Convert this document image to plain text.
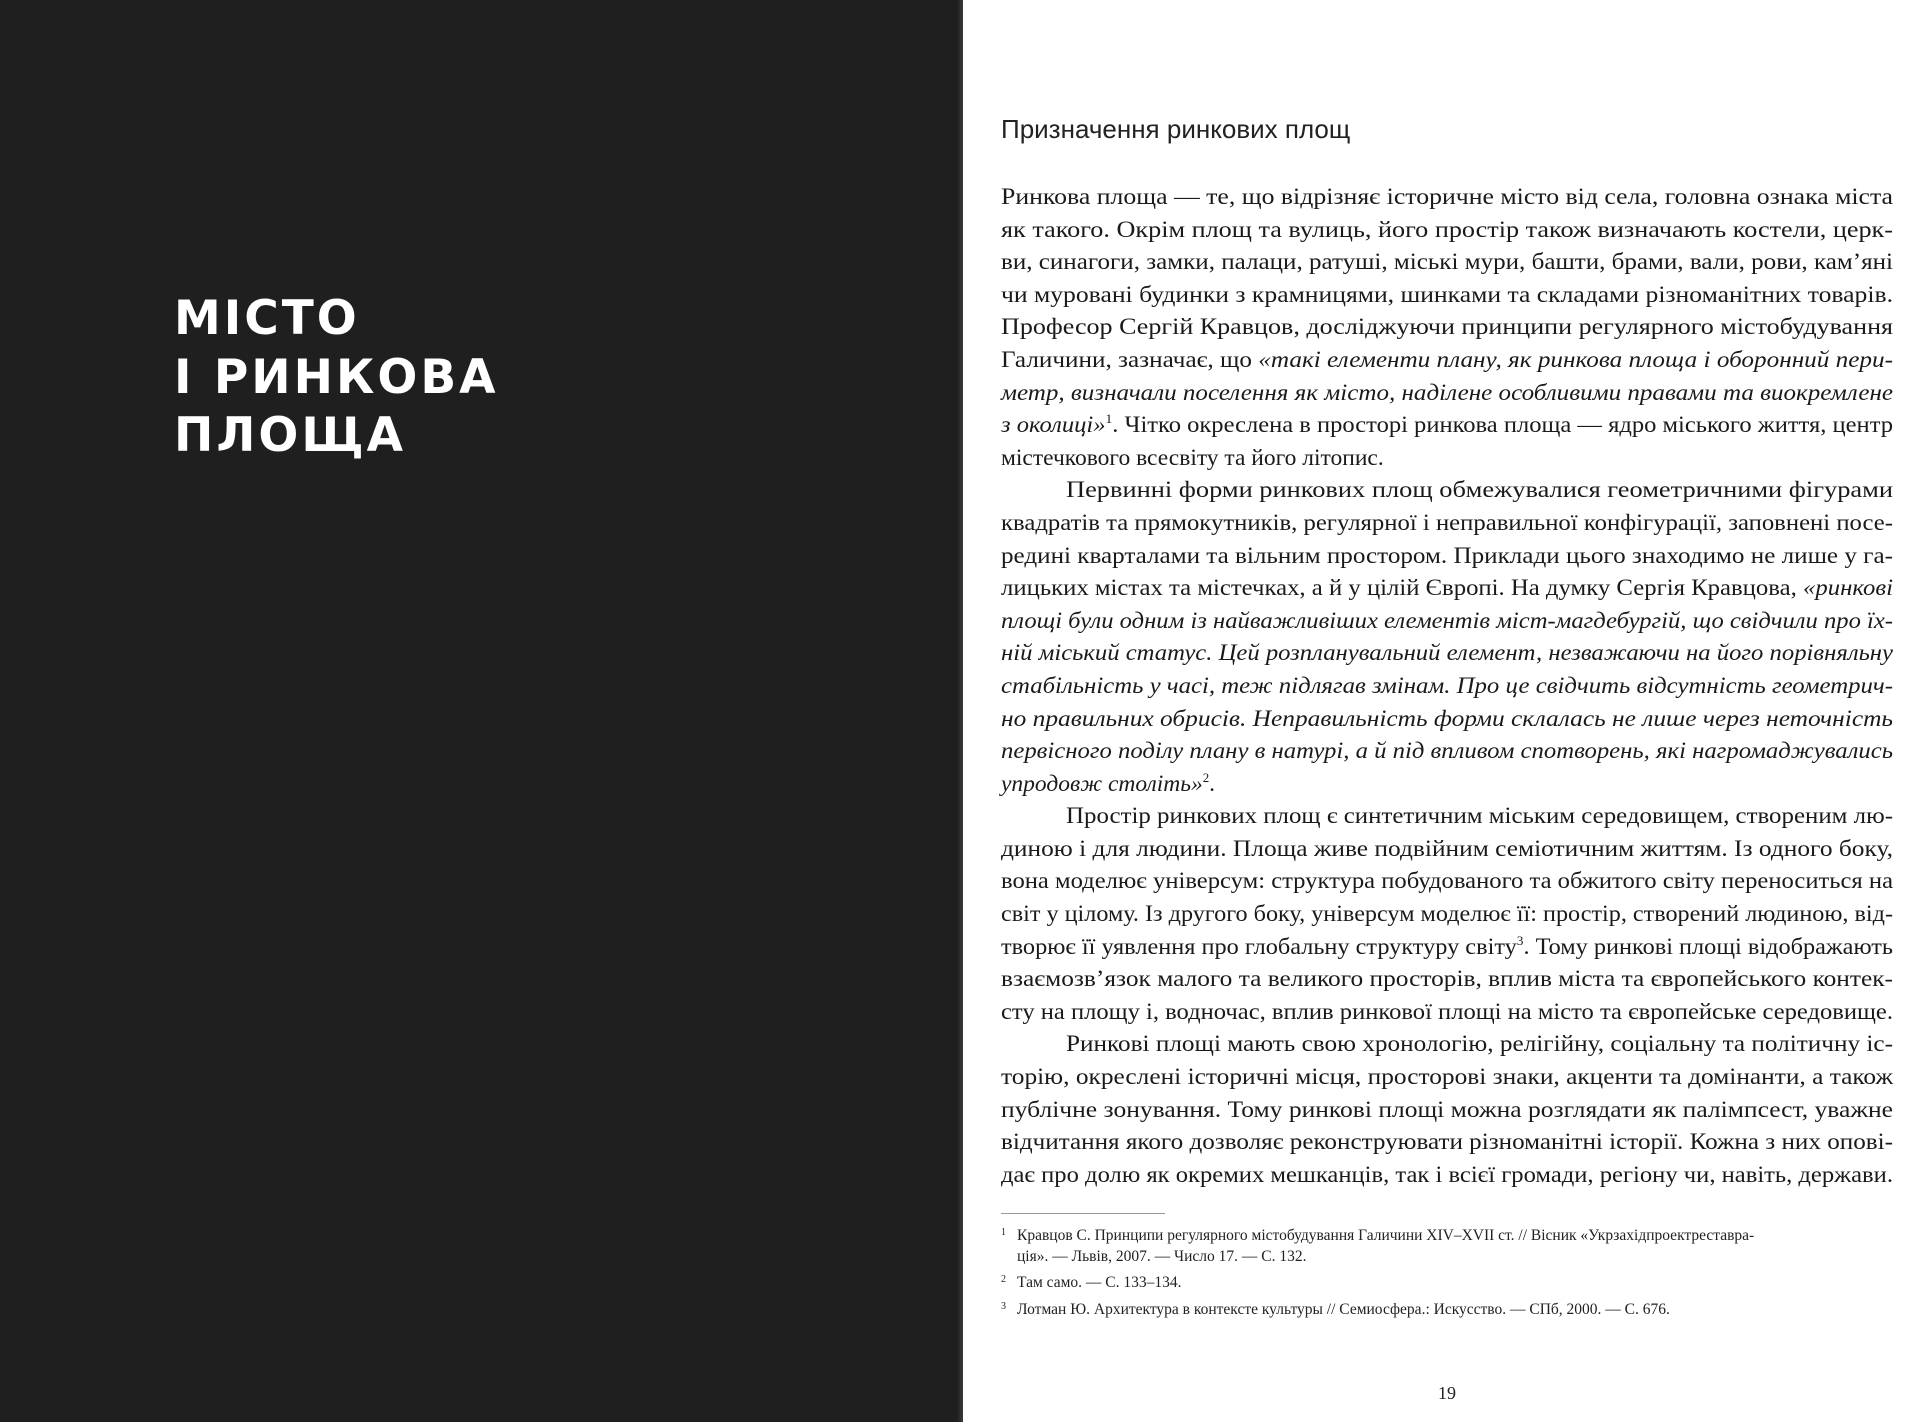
МІСТО
І РИНКОВА
ПЛОЩА
Призначення ринкових площ
Ринкова площа — те, що відрізняє історичне місто від села, головна ознака міста
як такого. Окрім площ та вулиць, його простір також визначають костели, церк-
ви, синагоги, замки, палаци, ратуші, міські мури, башти, брами, вали, рови, кам’яні
чи муровані будинки з крамницями, шинками та складами різноманітних товарів.
Професор Сергій Кравцов, досліджуючи принципи регулярного містобудування
Галичини, зазначає, що «такі елементи плану, як ринкова площа і оборонний пери-
метр, визначали поселення як місто, наділене особливими правами та виокремлене
з околиці»$^1$. Чітко окреслена в просторі ринкова площа — ядро міського життя, центр
містечкового всесвіту та його літопис.
Первинні форми ринкових площ обмежувалися геометричними фігурами
квадратів та прямокутників, регулярної і неправильної конфігурації, заповнені посе-
редині кварталами та вільним простором. Приклади цього знаходимо не лише у га-
лицьких містах та містечках, а й у цілій Європі. На думку Сергія Кравцова, «ринкові
площі були одним із найважливіших елементів міст-магдебургій, що свідчили про їх-
ній міський статус. Цей розпланувальний елемент, незважаючи на його порівняльну
стабільність у часі, теж підлягав змінам. Про це свідчить відсутність геометрич-
но правильних обрисів. Неправильність форми склалась не лише через неточність
первісного поділу плану в натурі, а й під впливом спотворень, які нагромаджувались
упродовж століть»$^2$.
Простір ринкових площ є синтетичним міським середовищем, створеним лю-
диною і для людини. Площа живе подвійним семіотичним життям. Із одного боку,
вона моделює універсум: структура побудованого та обжитого світу переноситься на
світ у цілому. Із другого боку, універсум моделює її: простір, створений людиною, від-
творює її уявлення про глобальну структуру світу$^3$. Тому ринкові площі відображають
взаємозв’язок малого та великого просторів, вплив міста та європейського контек-
сту на площу і, водночас, вплив ринкової площі на місто та європейське середовище.
Ринкові площі мають свою хронологію, релігійну, соціальну та політичну іс-
торію, окреслені історичні місця, просторові знаки, акценти та домінанти, а також
публічне зонування. Тому ринкові площі можна розглядати як палімпсест, уважне
відчитання якого дозволяє реконструювати різноманітні історії. Кожна з них опові-
дає про долю як окремих мешканців, так і всієї громади, регіону чи, навіть, держави.
1 Кравцов С. Принципи регулярного містобудування Галичини XIV–XVII ст. // Вісник «Укрзахідпроектреставра-
ція». — Львів, 2007. — Число 17. — С. 132.
2 Там само. — С. 133–134.
3 Лотман Ю. Архитектура в контексте культуры // Семиосфера.: Искусство. — СПб, 2000. — С. 676.
19
